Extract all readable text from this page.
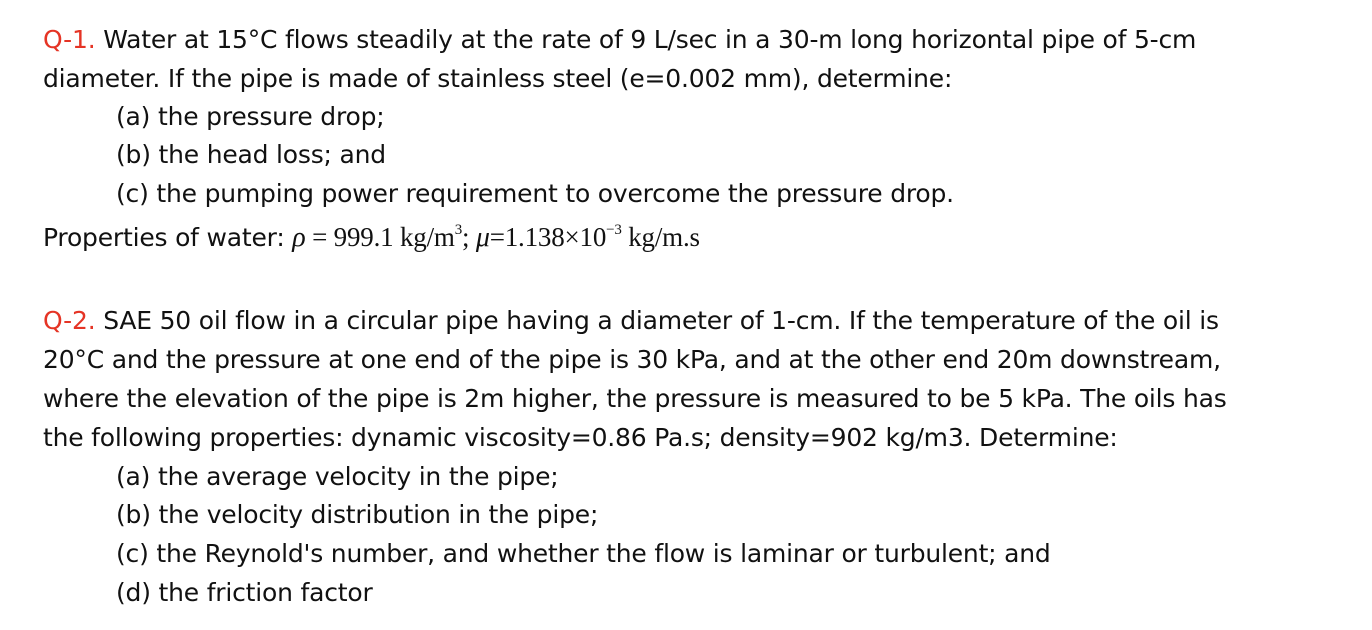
Q-1. Water at 15°C flows steadily at the rate of 9 L/sec in a 30-m long horizontal pipe of 5-cm
diameter. If the pipe is made of stainless steel (e=0.002 mm), determine:
(a) the pressure drop;
(b) the head loss; and
(c) the pumping power requirement to overcome the pressure drop.
Properties of water: ρ = 999.1 $kg/m^3$; $\mu=1.138\times 10^{-3}$ kg/m.s
Q-2. SAE 50 oil flow in a circular pipe having a diameter of 1-cm. If the temperature of the oil is
20°C and the pressure at one end of the pipe is 30 kPa, and at the other end 20m downstream,
where the elevation of the pipe is 2m higher, the pressure is measured to be 5 kPa. The oils has
the following properties: dynamic viscosity=0.86 Pa.s; density=902 kg/m3. Determine:
(a) the average velocity in the pipe;
(b) the velocity distribution in the pipe;
(c) the Reynold's number, and whether the flow is laminar or turbulent; and
(d) the friction factor
